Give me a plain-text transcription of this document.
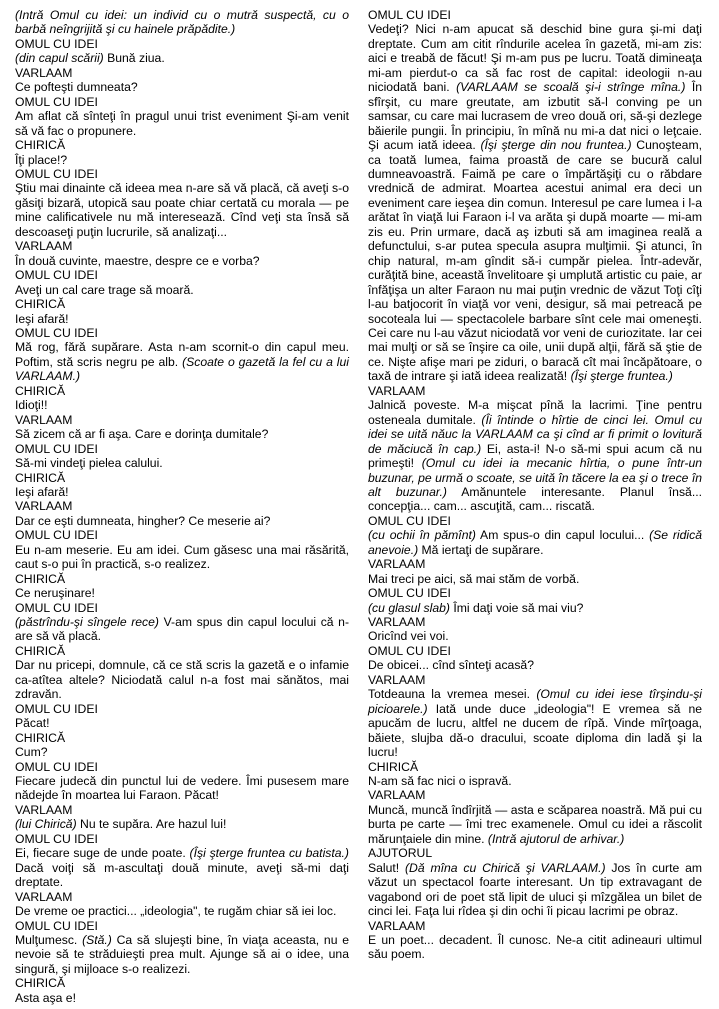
(Intră Omul cu idei: un individ cu o mutră suspectă, cu o barbă neîngrijită şi cu hainele prăpădite.)
OMUL CU IDEI
(din capul scării) Bună ziua.
VARLAAM
Ce pofteşti dumneata?
OMUL CU IDEI
Am aflat că sînteţi în pragul unui trist eveniment Şi-am venit să vă fac o propunere.
CHIRICĂ
Îţi place!?
OMUL CU IDEI
Ştiu mai dinainte că ideea mea n-are să vă placă, că aveţi s-o găsiţi bizară, utopică sau poate chiar certată cu morala — pe mine calificativele nu mă interesează. Cînd veţi sta însă să descoaseţi puţin lucrurile, să analizaţi...
VARLAAM
În două cuvinte, maestre, despre ce e vorba?
OMUL CU IDEI
Aveţi un cal care trage să moară.
CHIRICĂ
Ieşi afară!
OMUL CU IDEI
Mă rog, fără supărare. Asta n-am scornit-o din capul meu. Poftim, stă scris negru pe alb. (Scoate o gazetă la fel cu a lui VARLAAM.)
CHIRICĂ
Idioţi!!
VARLAAM
Să zicem că ar fi aşa. Care e dorinţa dumitale?
OMUL CU IDEI
Să-mi vindeţi pielea calului.
CHIRICĂ
Ieşi afară!
VARLAAM
Dar ce eşti dumneata, hingher? Ce meserie ai?
OMUL CU IDEI
Eu n-am meserie. Eu am idei. Cum găsesc una mai răsărită, caut s-o pui în practică, s-o realizez.
CHIRICĂ
Ce neruşinare!
OMUL CU IDEI
(păstrîndu-şi sîngele rece) V-am spus din capul locului că n-are să vă placă.
CHIRICĂ
Dar nu pricepi, domnule, că ce stă scris la gazetă e o infamie ca-atîtea altele? Niciodată calul n-a fost mai sănătos, mai zdravăn.
OMUL CU IDEI
Păcat!
CHIRICĂ
Cum?
OMUL CU IDEI
Fiecare judecă din punctul lui de vedere. Îmi pusesem mare nădejde în moartea lui Faraon. Păcat!
VARLAAM
(lui Chirică) Nu te supăra. Are hazul lui!
OMUL CU IDEI
Ei, fiecare suge de unde poate. (Îşi şterge fruntea cu batista.) Dacă voiţi să m-ascultaţi două minute, aveţi să-mi daţi dreptate.
VARLAAM
De vreme oe practici... „ideologia", te rugăm chiar să iei loc.
OMUL CU IDEI
Mulţumesc. (Stă.) Ca să slujeşti bine, în viaţa aceasta, nu e nevoie să te străduieşti prea mult. Ajunge să ai o idee, una singură, şi mijloace s-o realizezi.
CHIRICĂ
Asta aşa e!
OMUL CU IDEI
Vedeţi? Nici n-am apucat să deschid bine gura şi-mi daţi dreptate. Cum am citit rîndurile acelea în gazetă, mi-am zis: aici e treabă de făcut! Şi m-am pus pe lucru. Toată dimineaţa mi-am pierdut-o ca să fac rost de capital: ideologii n-au niciodată bani. (VARLAAM se scoală şi-i strînge mîna.) În sfîrşit, cu mare greutate, am izbutit să-l conving pe un samsar, cu care mai lucrasem de vreo două ori, să-şi dezlege băierile pungii. În principiu, în mînă nu mi-a dat nici o leţcaie. Şi acum iată ideea. (Îşi şterge din nou fruntea.) Cunoşteam, ca toată lumea, faima proastă de care se bucură calul dumneavoastră. Faimă pe care o împărtăşiţi cu o răbdare vrednică de admirat. Moartea acestui animal era deci un eveniment care ieşea din comun. Interesul pe care lumea i l-a arătat în viaţă lui Faraon i-l va arăta şi după moarte — mi-am zis eu. Prin urmare, dacă aş izbuti să am imaginea reală a defunctului, s-ar putea specula asupra mulţimii. Şi atunci, în chip natural, m-am gîndit să-i cumpăr pielea. Într-adevăr, curăţită bine, această învelitoare şi umplută artistic cu paie, ar înfăţişa un alter Faraon nu mai puţin vrednic de văzut Toţi cîţi l-au batjocorit în viaţă vor veni, desigur, să mai petreacă pe socoteala lui — spectacolele barbare sînt cele mai omeneşti. Cei care nu l-au văzut niciodată vor veni de curiozitate. Iar cei mai mulţi or să se înşire ca oile, unii după alţii, fără să ştie de ce. Nişte afişe mari pe ziduri, o baracă cît mai încăpătoare, o taxă de intrare şi iată ideea realizată! (Îşi şterge fruntea.)
VARLAAM
Jalnică poveste. M-a mişcat pînă la lacrimi. Ţine pentru osteneala dumitale. (Îi întinde o hîrtie de cinci lei. Omul cu idei se uită năuc la VARLAAM ca şi cînd ar fi primit o lovitură de măciucă în cap.) Ei, asta-i! N-o să-mi spui acum că nu primeşti! (Omul cu idei ia mecanic hîrtia, o pune într-un buzunar, pe urmă o scoate, se uită în tăcere la ea şi o trece în alt buzunar.) Amănuntele interesante. Planul însă... concepţia... cam... ascuţită, cam... riscată.
OMUL CU IDEI
(cu ochii în pămînt) Am spus-o din capul locului... (Se ridică anevoie.) Mă iertaţi de supărare.
VARLAAM
Mai treci pe aici, să mai stăm de vorbă.
OMUL CU IDEI
(cu glasul slab) Îmi daţi voie să mai viu?
VARLAAM
Oricînd vei voi.
OMUL CU IDEI
De obicei... cînd sînteţi acasă?
VARLAAM
Totdeauna la vremea mesei. (Omul cu idei iese tîrşindu-şi picioarele.) Iată unde duce „ideologia"! E vremea să ne apucăm de lucru, altfel ne ducem de rîpă. Vinde mîrţoaga, băiete, slujba dă-o dracului, scoate diploma din ladă şi la lucru!
CHIRICĂ
N-am să fac nici o ispravă.
VARLAAM
Muncă, muncă îndîrjită — asta e scăparea noastră. Mă pui cu burta pe carte — îmi trec examenele. Omul cu idei a răscolit mărunţaiele din mine. (Intră ajutorul de arhivar.)
AJUTORUL
Salut! (Dă mîna cu Chirică şi VARLAAM.) Jos în curte am văzut un spectacol foarte interesant. Un tip extravagant de vagabond ori de poet stă lipit de uluci şi mîzgălea un bilet de cinci lei. Faţa lui rîdea şi din ochi îi picau lacrimi pe obraz.
VARLAAM
E un poet... decadent. Îl cunosc. Ne-a citit adineauri ultimul său poem.
